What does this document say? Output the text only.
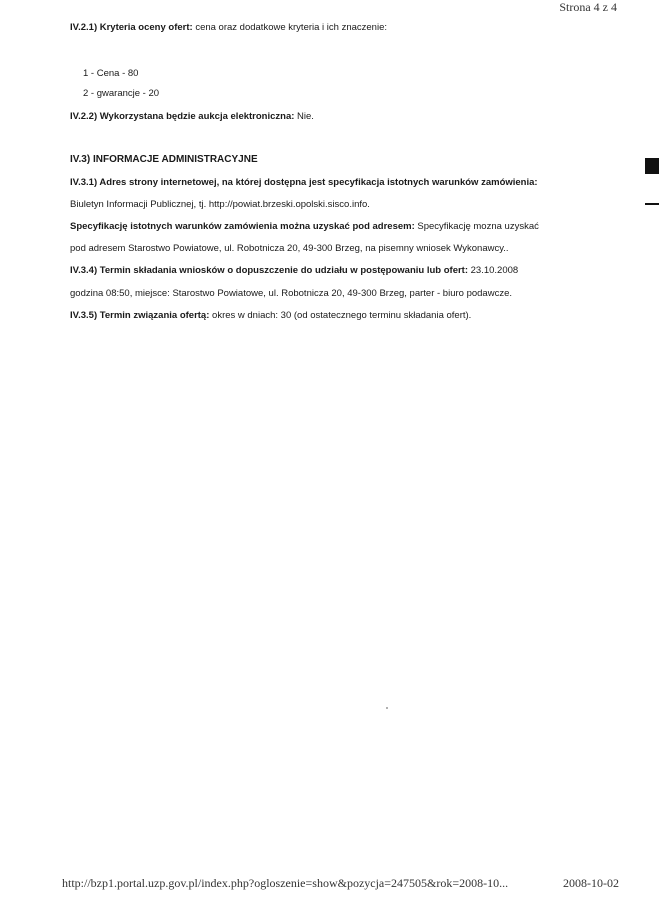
Strona 4 z 4
IV.2.1) Kryteria oceny ofert: cena oraz dodatkowe kryteria i ich znaczenie:
1 - Cena - 80
2 - gwarancje - 20
IV.2.2) Wykorzystana będzie aukcja elektroniczna: Nie.
IV.3) INFORMACJE ADMINISTRACYJNE
IV.3.1) Adres strony internetowej, na której dostępna jest specyfikacja istotnych warunków zamówienia:
Biuletyn Informacji Publicznej, tj. http://powiat.brzeski.opolski.sisco.info.
Specyfikację istotnych warunków zamówienia można uzyskać pod adresem: Specyfikację mozna uzyskać
pod adresem Starostwo Powiatowe, ul. Robotnicza 20, 49-300 Brzeg, na pisemny wniosek Wykonawcy..
IV.3.4) Termin składania wniosków o dopuszczenie do udziału w postępowaniu lub ofert: 23.10.2008
godzina 08:50, miejsce: Starostwo Powiatowe, ul. Robotnicza 20, 49-300 Brzeg, parter - biuro podawcze.
IV.3.5) Termin związania ofertą: okres w dniach: 30 (od ostatecznego terminu składania ofert).
http://bzp1.portal.uzp.gov.pl/index.php?ogloszenie=show&pozycja=247505&rok=2008-10...	2008-10-02
